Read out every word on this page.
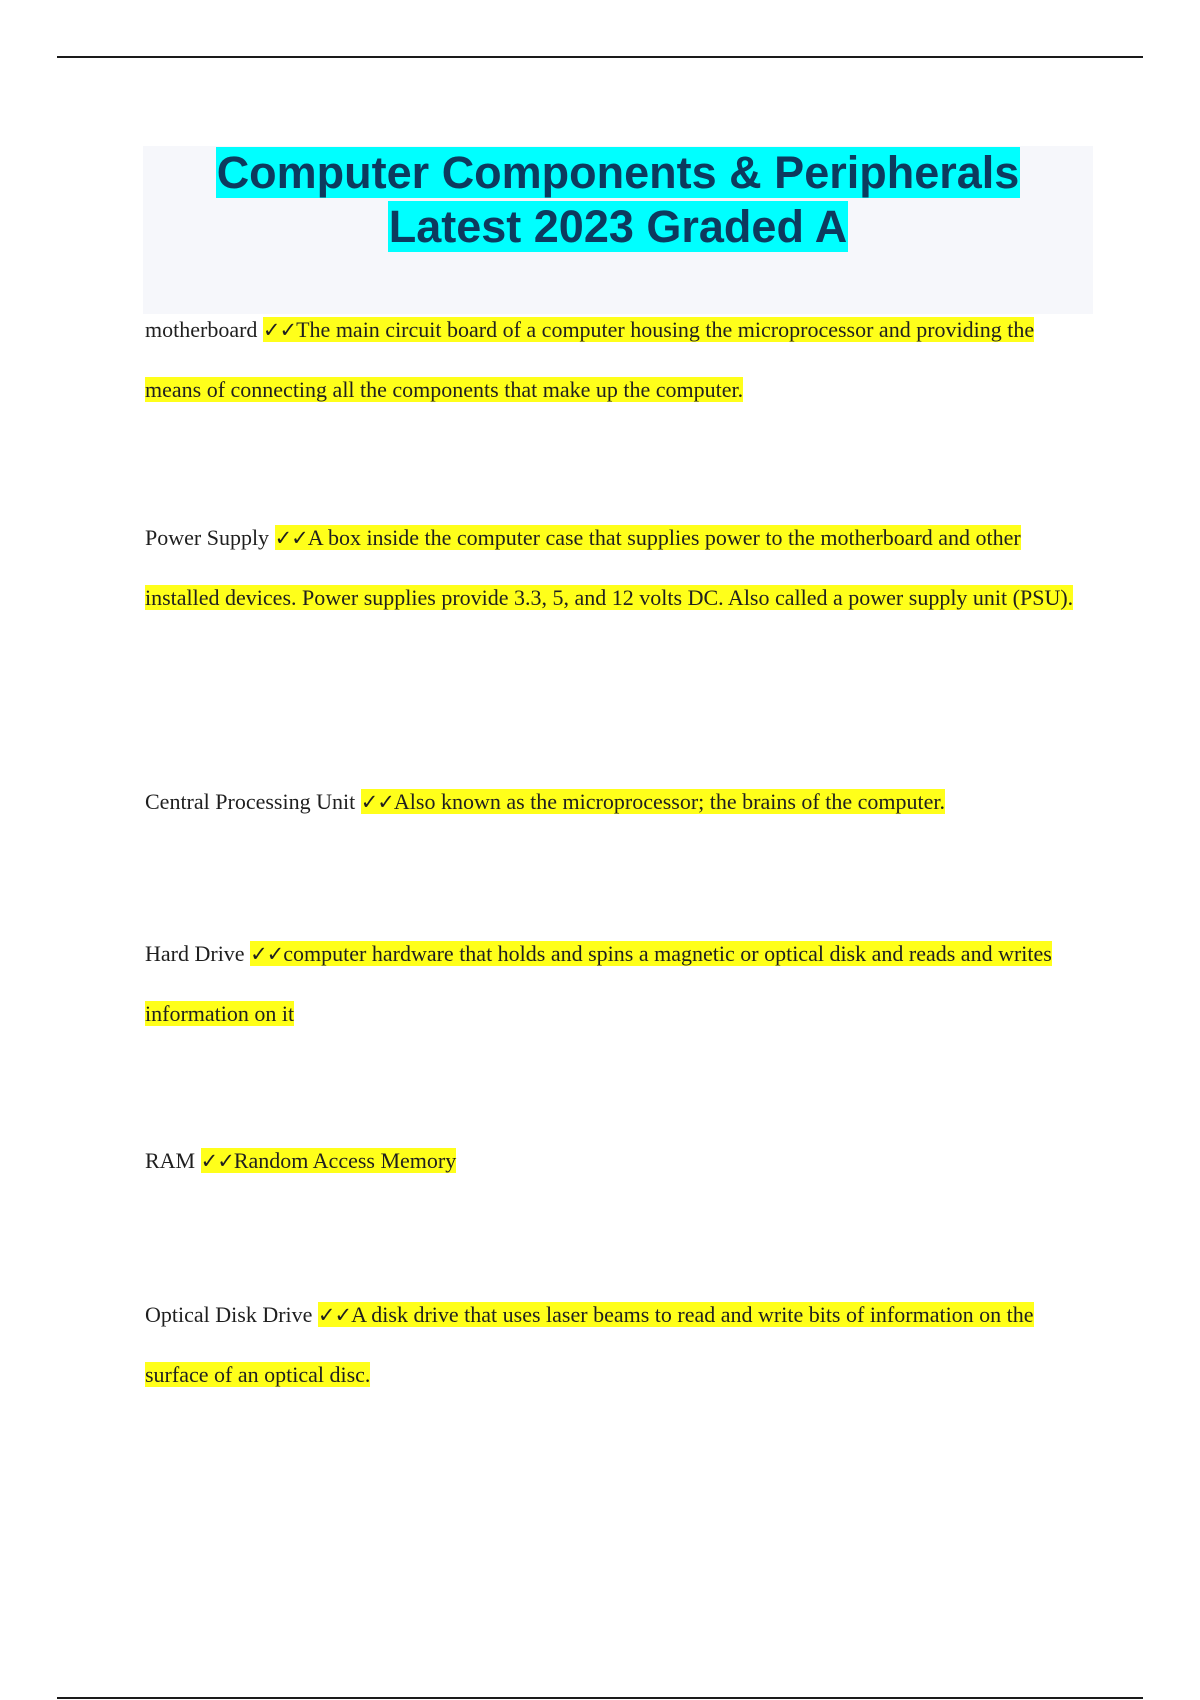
Computer Components & Peripherals
Latest 2023 Graded A
motherboard ✓✓The main circuit board of a computer housing the microprocessor and providing the means of connecting all the components that make up the computer.
Power Supply ✓✓A box inside the computer case that supplies power to the motherboard and other installed devices. Power supplies provide 3.3, 5, and 12 volts DC. Also called a power supply unit (PSU).
Central Processing Unit ✓✓Also known as the microprocessor; the brains of the computer.
Hard Drive ✓✓computer hardware that holds and spins a magnetic or optical disk and reads and writes information on it
RAM ✓✓Random Access Memory
Optical Disk Drive ✓✓A disk drive that uses laser beams to read and write bits of information on the surface of an optical disc.
